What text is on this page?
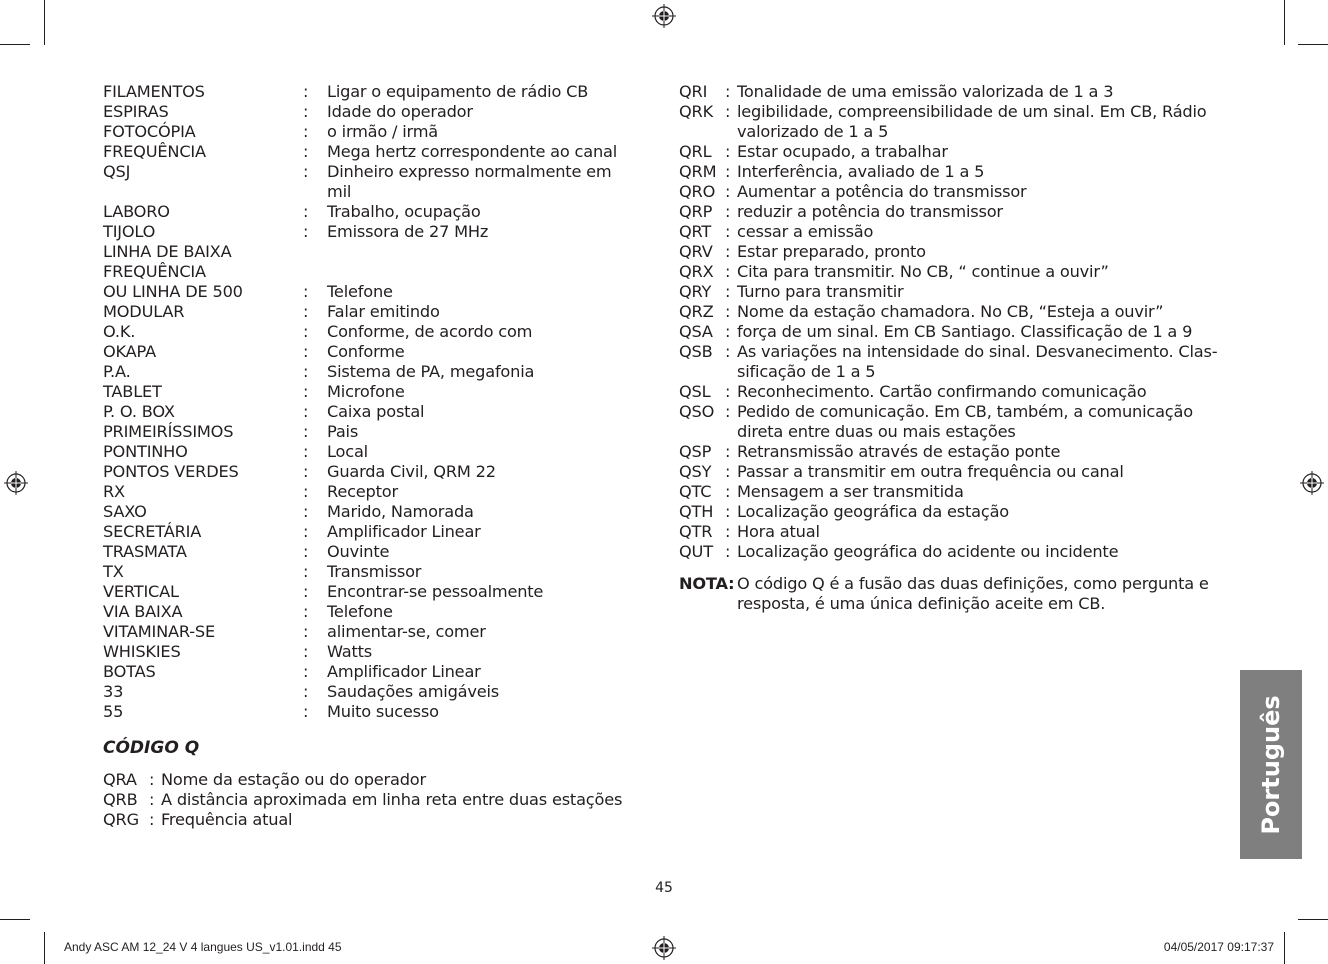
FILAMENTOS	:	Ligar o equipamento de rádio CB
ESPIRAS	:	Idade do operador
FOTOCÓPIA	:	o irmão / irmã
FREQUÊNCIA	:	Mega hertz correspondente ao canal
QSJ	:	Dinheiro expresso normalmente em mil
LABORO	:	Trabalho, ocupação
TIJOLO	:	Emissora de 27 MHz
LINHA DE BAIXA
FREQUÊNCIA
OU LINHA DE 500	:	Telefone
MODULAR	:	Falar emitindo
O.K.	:	Conforme, de acordo com
OKAPA	:	Conforme
P.A.	:	Sistema de PA, megafonia
TABLET	:	Microfone
P. O. BOX	:	Caixa postal
PRIMEIRÍSSIMOS	:	Pais
PONTINHO	:	Local
PONTOS VERDES	:	Guarda Civil, QRM 22
RX	:	Receptor
SAXO	:	Marido, Namorada
SECRETÁRIA	:	Amplificador Linear
TRASMATA	:	Ouvinte
TX	:	Transmissor
VERTICAL	:	Encontrar-se pessoalmente
VIA BAIXA	:	Telefone
VITAMINAR-SE	:	alimentar-se, comer
WHISKIES	:	Watts
BOTAS	:	Amplificador Linear
33	:	Saudações amigáveis
55	:	Muito sucesso
CÓDIGO Q
QRA : Nome da estação ou do operador
QRB : A distância aproximada em linha reta entre duas estações
QRG : Frequência atual
QRI	: Tonalidade de uma emissão valorizada de 1 a 3
QRK : legibilidade, compreensibilidade de um sinal. Em CB, Rádio valorizado de 1 a 5
QRL : Estar ocupado, a trabalhar
QRM : Interferência, avaliado de 1 a 5
QRO : Aumentar a potência do transmissor
QRP : reduzir a potência do transmissor
QRT : cessar a emissão
QRV : Estar preparado, pronto
QRX : Cita para transmitir. No CB, “ continue a ouvir”
QRY : Turno para transmitir
QRZ : Nome da estação chamadora. No CB, “Esteja a ouvir”
QSA : força de um sinal. Em CB Santiago. Classificação de 1 a 9
QSB : As variações na intensidade do sinal. Desvanecimento. Clas-sificação de 1 a 5
QSL : Reconhecimento. Cartão confirmando comunicação
QSO : Pedido de comunicação. Em CB, também, a comunicação direta entre duas ou mais estações
QSP : Retransmissão através de estação ponte
QSY : Passar a transmitir em outra frequência ou canal
QTC : Mensagem a ser transmitida
QTH : Localização geográfica da estação
QTR : Hora atual
QUT : Localização geográfica do acidente ou incidente
NOTA: O código Q é a fusão das duas definições, como pergunta e resposta, é uma única definição aceite em CB.
Português
45
Andy ASC AM 12_24 V 4 langues US_v1.01.indd 45	04/05/2017 09:17:37
